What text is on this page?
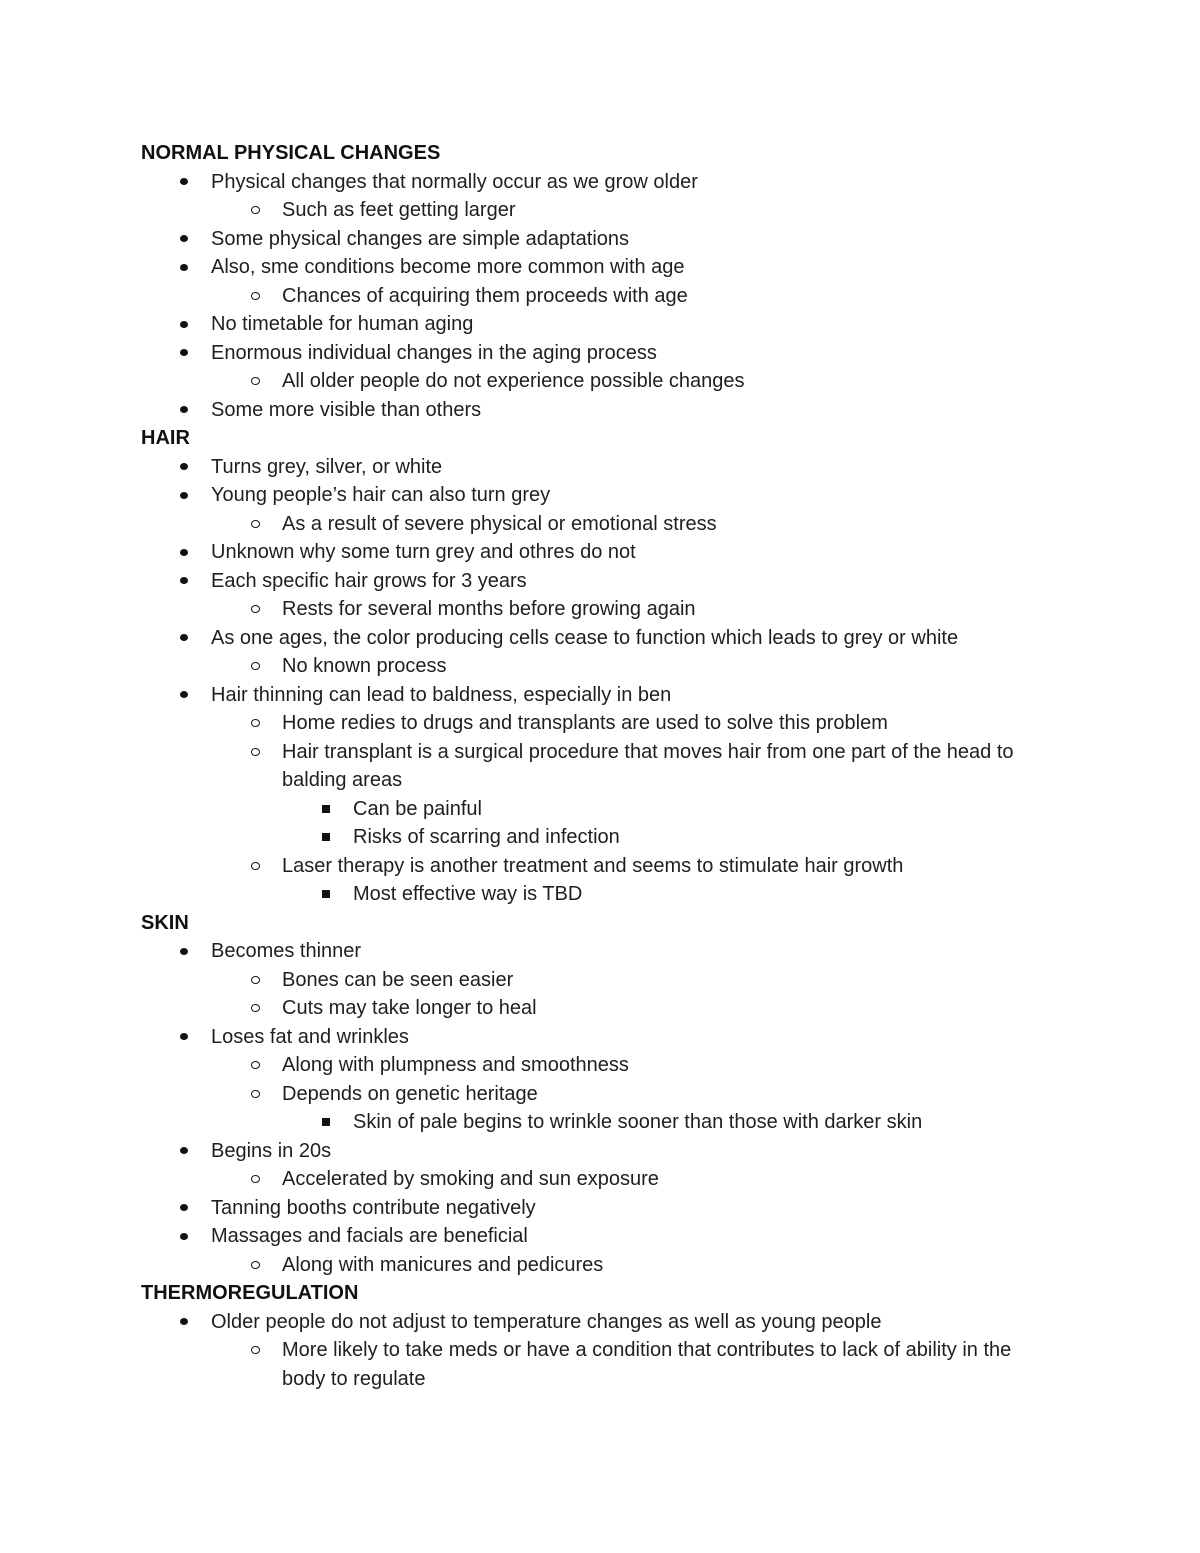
NORMAL PHYSICAL CHANGES
Physical changes that normally occur as we grow older
Such as feet getting larger
Some physical changes are simple adaptations
Also, sme conditions become more common with age
Chances of acquiring them proceeds with age
No timetable for human aging
Enormous individual changes in the aging process
All older people do not experience possible changes
Some more visible than others
HAIR
Turns grey, silver, or white
Young people’s hair can also turn grey
As a result of severe physical or emotional stress
Unknown why some turn grey and othres do not
Each specific hair grows for 3 years
Rests for several months before growing again
As one ages, the color producing cells cease to function which leads to grey or white
No known process
Hair thinning can lead to baldness, especially in ben
Home redies to drugs and transplants are used to solve this problem
Hair transplant is a surgical procedure that moves hair from one part of the head to balding areas
Can be painful
Risks of scarring and infection
Laser therapy is another treatment and seems to stimulate hair growth
Most effective way is TBD
SKIN
Becomes thinner
Bones can be seen easier
Cuts may take longer to heal
Loses fat and wrinkles
Along with plumpness and smoothness
Depends on genetic heritage
Skin of pale begins to wrinkle sooner than those with darker skin
Begins in 20s
Accelerated by smoking and sun exposure
Tanning booths contribute negatively
Massages and facials are beneficial
Along with manicures and pedicures
THERMOREGULATION
Older people do not adjust to temperature changes as well as young people
More likely to take meds or have a condition that contributes to lack of ability in the body to regulate
